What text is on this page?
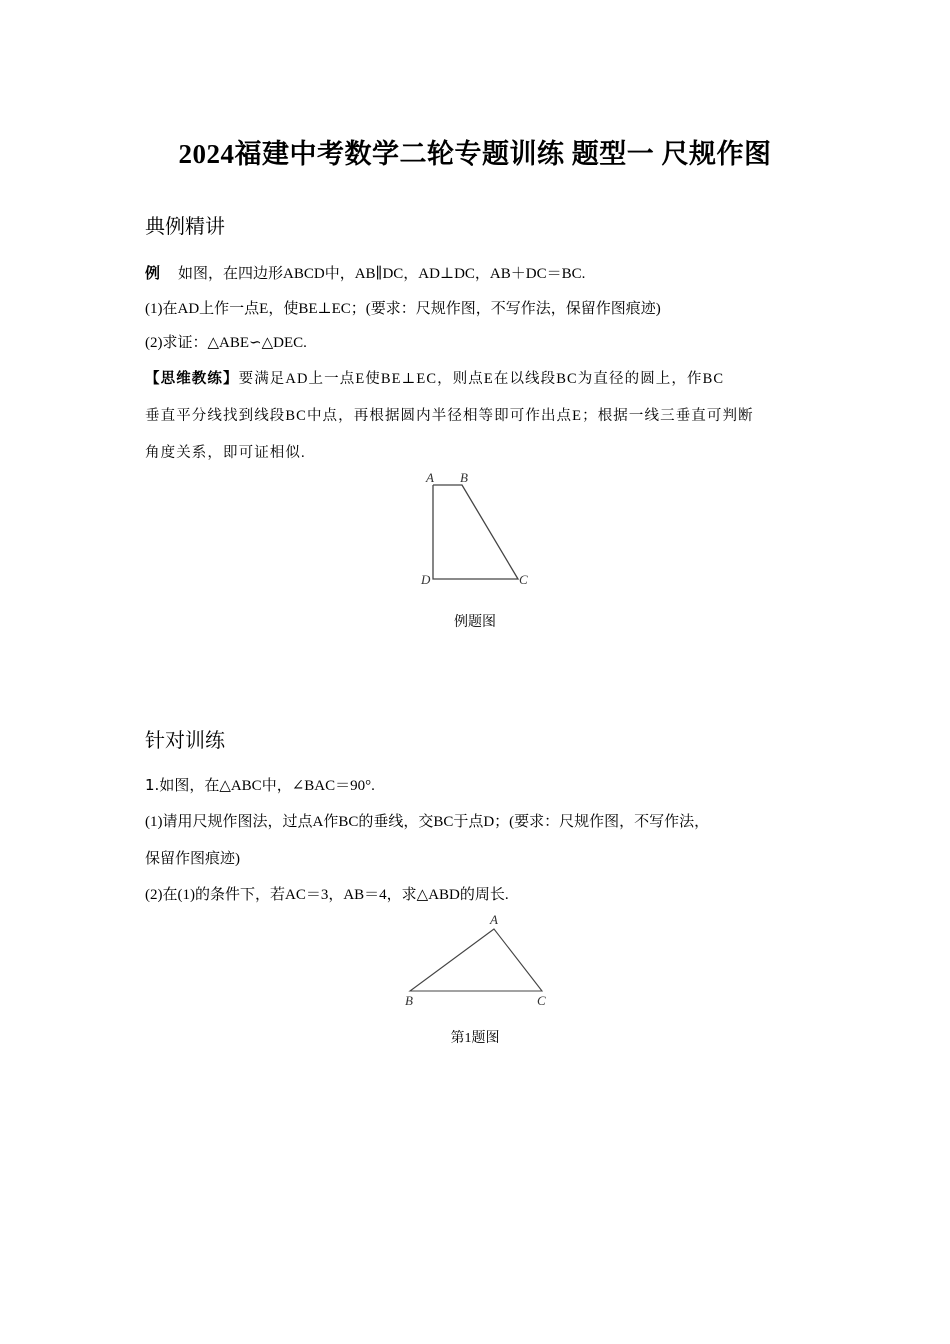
2024福建中考数学二轮专题训练 题型一 尺规作图
典例精讲
例 如图，在四边形ABCD中，AB∥DC，AD⊥DC，AB＋DC＝BC.
(1)在AD上作一点E，使BE⊥EC；(要求：尺规作图，不写作法，保留作图痕迹)
(2)求证：△ABE∽△DEC.
【思维教练】要满足AD上一点E使BE⊥EC，则点E在以线段BC为直径的圆上，作BC
垂直平分线找到线段BC中点，再根据圆内半径相等即可作出点E；根据一线三垂直可判断
角度关系，即可证相似.
A B
C
D
A
B	C
例题图
针对训练
1.如图，在△ABC中，∠BAC＝90°.
(1)请用尺规作图法，过点A作BC的垂线，交BC于点D；(要求：尺规作图，不写作法，
保留作图痕迹)
(2)在(1)的条件下，若AC＝3，AB＝4，求△ABD的周长.
第1题图
